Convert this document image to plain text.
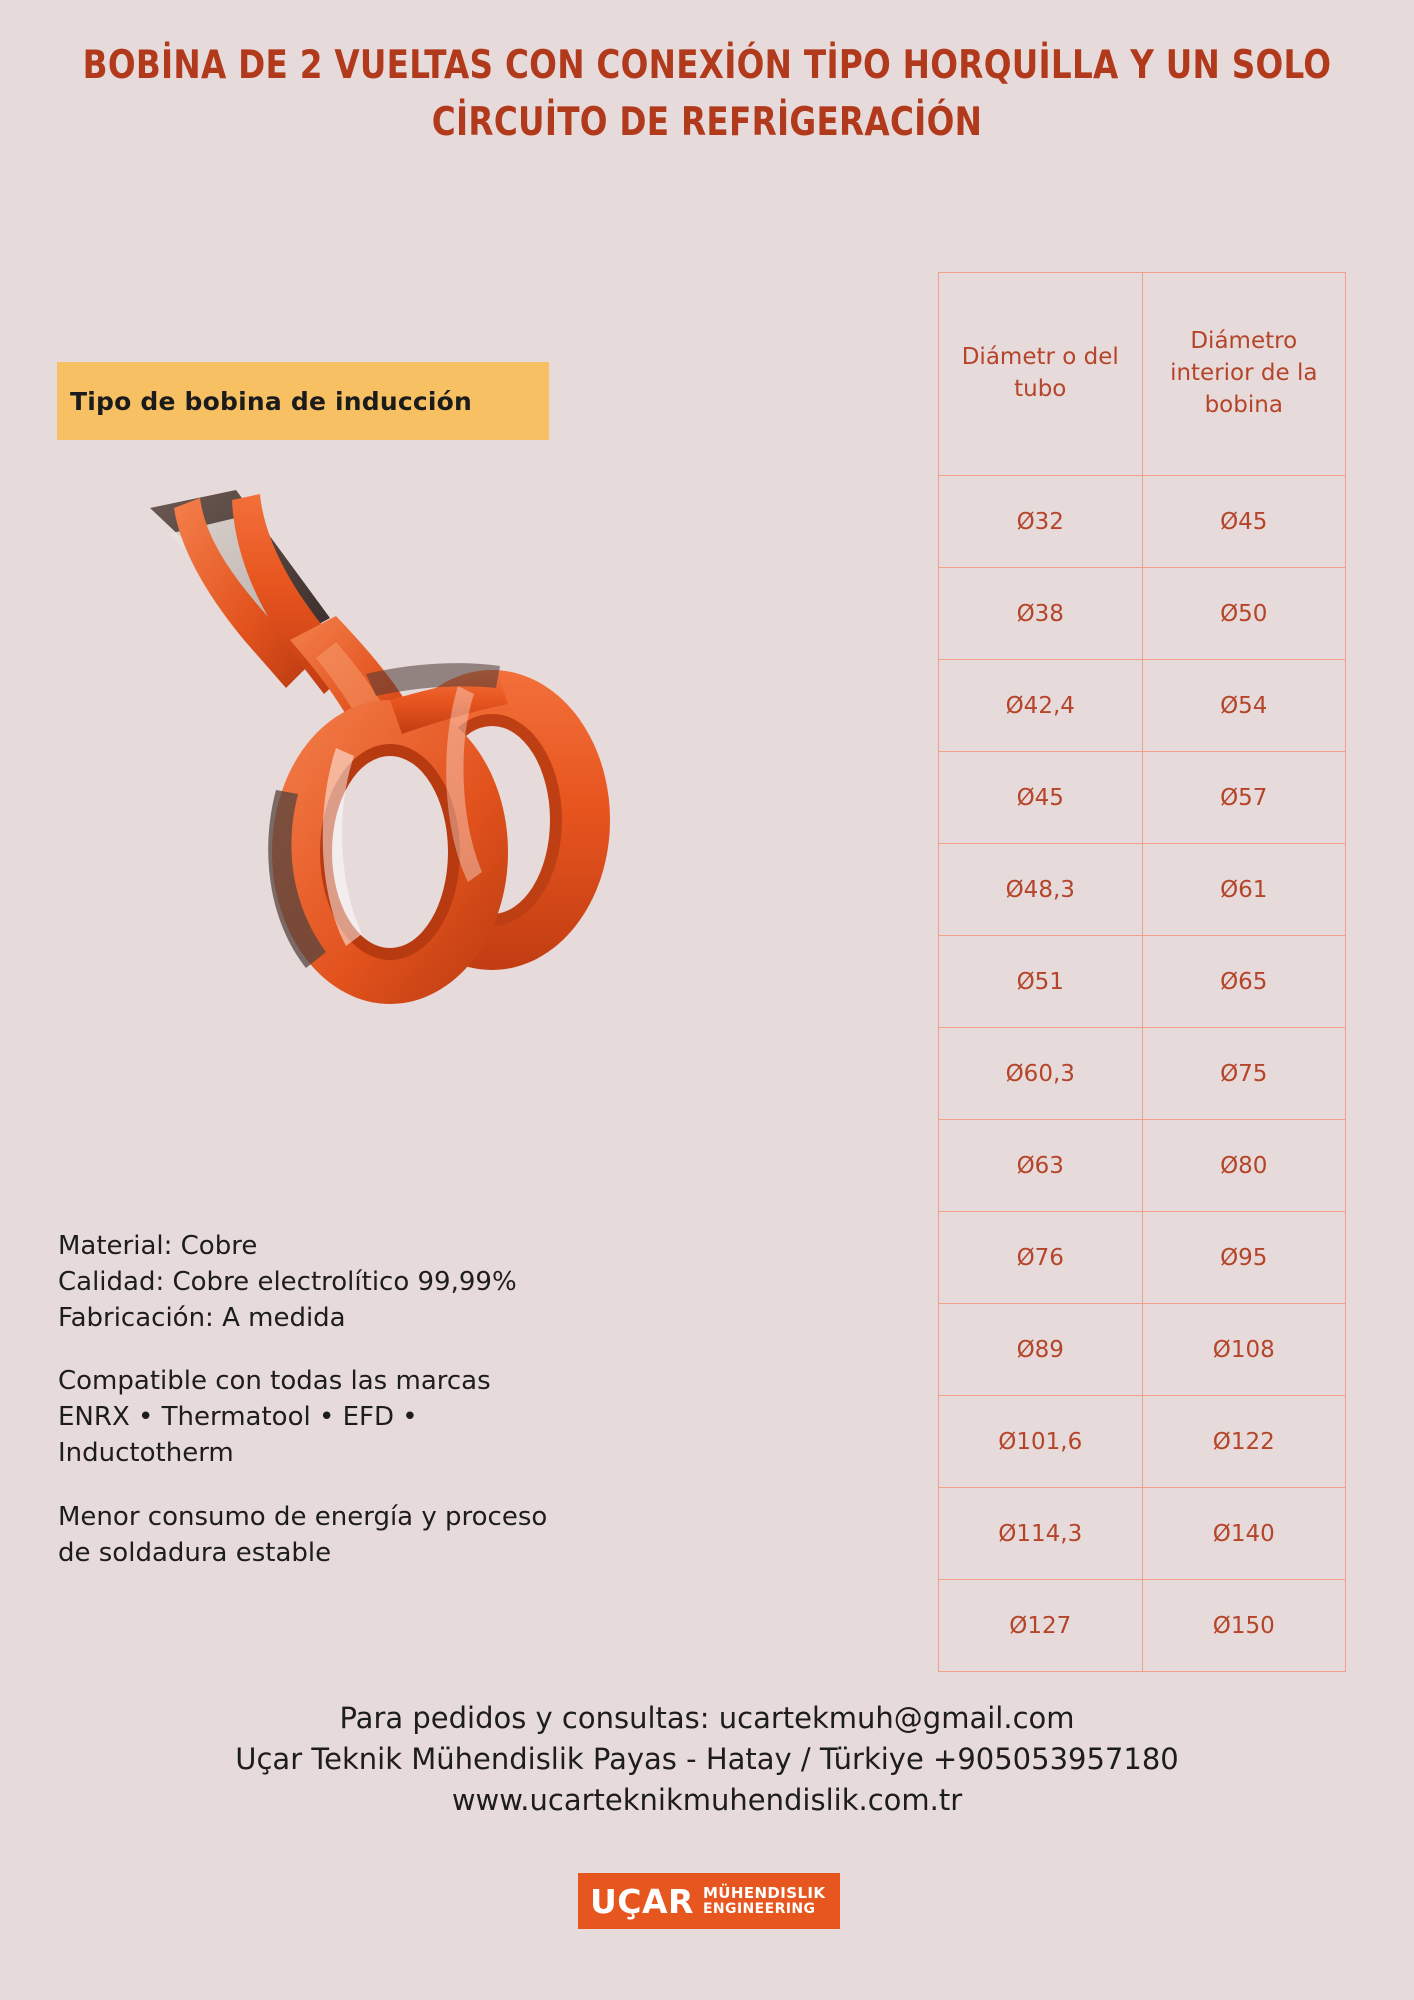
BOBİNA DE 2 VUELTAS CON CONEXİÓN TİPO HORQUİLLA Y UN SOLO CİRCUİTO DE REFRİGERACİÓN
Tipo de bobina de inducción

Material: Cobre

Calidad: Cobre electrolítico 99,99%

Fabricación: A medida

Compatible con todas las marcas

ENRX • Thermatool • EFD •

Inductotherm

Menor consumo de energía y proceso

de soldadura estable

Diámetr o del tubo	Diámetro interior de la bobina
Ø32	Ø45
Ø38	Ø50
Ø42,4	Ø54
Ø45	Ø57
Ø48,3	Ø61
Ø51	Ø65
Ø60,3	Ø75
Ø63	Ø80
Ø76	Ø95
Ø89	Ø108
Ø101,6	Ø122
Ø114,3	Ø140
Ø127	Ø150

Para pedidos y consultas: ucartekmuh@gmail.com

Uçar Teknik Mühendislik Payas - Hatay / Türkiye +905053957180

www.ucarteknikmuhendislik.com.tr

UÇAR MÜHENDISLIK
ENGINEERING
